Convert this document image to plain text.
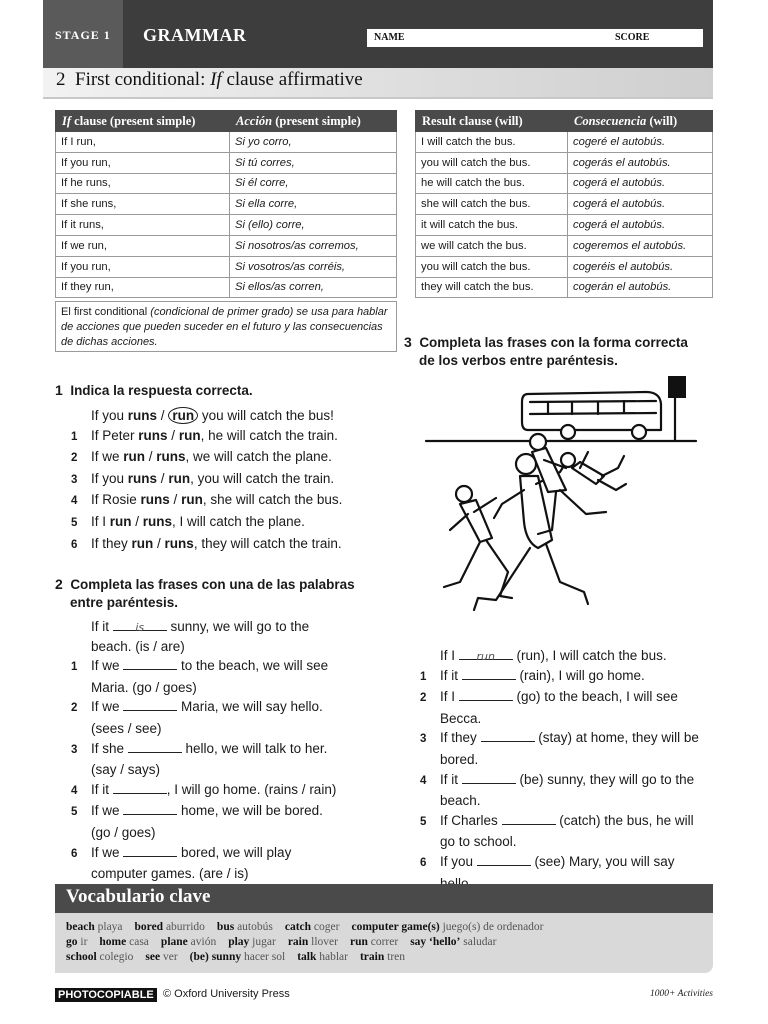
STAGE 1 GRAMMAR	NAME	SCORE
2 First conditional: If clause affirmative
If clause (present simple)	Acción (present simple)
If I run,	Si yo corro,
If you run,	Si tú corres,
If he runs,	Si él corre,
If she runs,	Si ella corre,
If it runs,	Si (ello) corre,
If we run,	Si nosotros/as corremos,
If you run,	Si vosotros/as corréis,
If they run,	Si ellos/as corren,
Result clause (will)	Consecuencia (will)
I will catch the bus.	cogeré el autobús.
you will catch the bus.	cogerás el autobús.
he will catch the bus.	cogerá el autobús.
she will catch the bus.	cogerá el autobús.
it will catch the bus.	cogerá el autobús.
we will catch the bus.	cogeremos el autobús.
you will catch the bus.	cogeréis el autobús.
they will catch the bus.	cogerán el autobús.
El first conditional (condicional de primer grado) se usa para hablar de acciones que pueden suceder en el futuro y las consecuencias de dichas acciones.
1 Indica la respuesta correcta.
If you runs / run you will catch the bus!
1 If Peter runs / run, he will catch the train.
2 If we run / runs, we will catch the plane.
3 If you runs / run, you will catch the train.
4 If Rosie runs / run, she will catch the bus.
5 If I run / runs, I will catch the plane.
6 If they run / runs, they will catch the train.
2 Completa las frases con una de las palabras
entre paréntesis.
If it is sunny, we will go to the
beach. (is / are)
1 If we	to the beach, we will see
Maria. (go / goes)
2 If we	Maria, we will say hello.
(sees / see)
3 If she	hello, we will talk to her.
(say / says)
4 If it	, I will go home. (rains / rain)
5 If we	home, we will be bored.
(go / goes)
6 If we	bored, we will play
computer games. (are / is)
3 Completa las frases con la forma correcta
de los verbos entre paréntesis.
If I run (run), I will catch the bus.
1 If it	(rain), I will go home.
2 If I	(go) to the beach, I will see
Becca.
3 If they	(stay) at home, they will be
bored.
4 If it	(be) sunny, they will go to the
beach.
5 If Charles	(catch) the bus, he will
go to school.
6 If you	(see) Mary, you will say
Vocabulario clave
beach playa bored aburrido bus autobús catch coger computer game(s) juego(s) de ordenador
go ir home casa plane avión play jugar rain llover run correr say ‘hello’ saludar
school colegio see ver (be) sunny hacer sol talk hablar train tren
PHOTOCOPIABLE © Oxford University Press	1000+ Activities
